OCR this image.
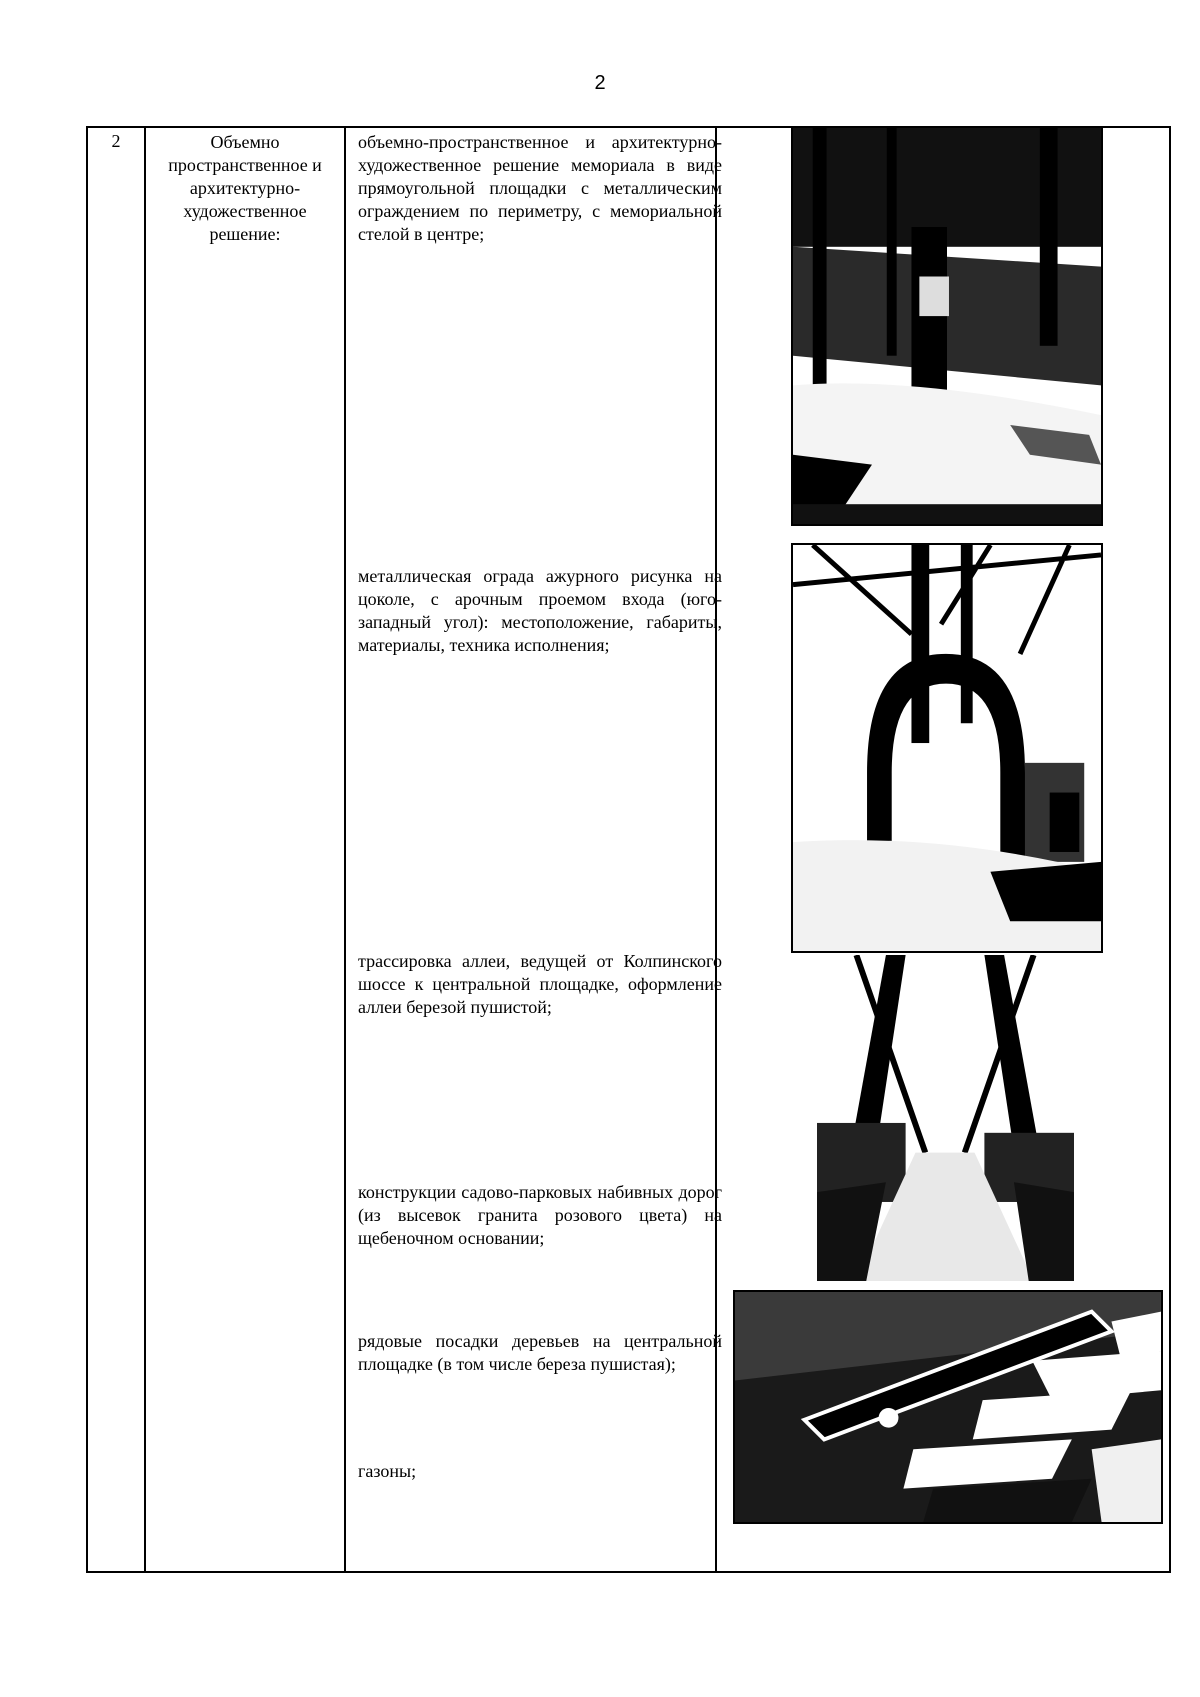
2
2	Объемно пространственное и архитектурно-художественное решение:
объемно-пространственное и архитектурно-художественное решение мемориала в виде прямоугольной площадки с металлическим ограждением по периметру, с мемориальной стелой в центре;
металлическая ограда ажурного рисунка на цоколе, с арочным проемом входа (юго-западный угол): местоположение, габариты, материалы, техника исполнения;
трассировка аллеи, ведущей от Колпинского шоссе к центральной площадке, оформление аллеи березой пушистой;
конструкции садово-парковых набивных дорог (из высевок гранита розового цвета) на щебеночном основании;
рядовые посадки деревьев на центральной площадке (в том числе береза пушистая);
газоны;
